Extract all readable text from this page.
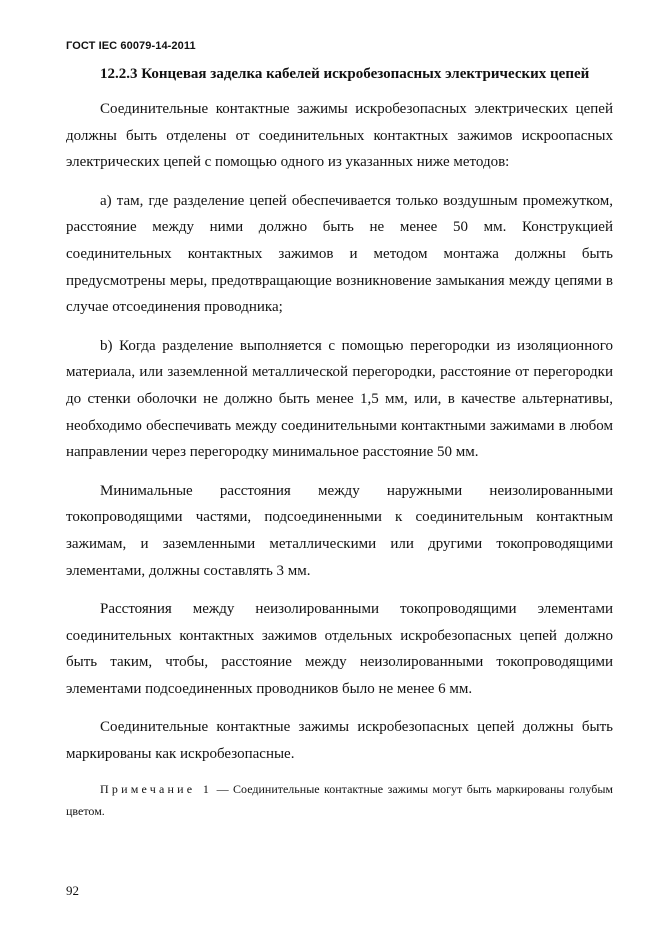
ГОСТ IEC 60079-14-2011
12.2.3 Концевая заделка кабелей искробезопасных электрических цепей

Соединительные контактные зажимы искробезопасных электрических цепей должны быть отделены от соединительных контактных зажимов искроопасных электрических цепей с помощью одного из указанных ниже методов:

а) там, где разделение цепей обеспечивается только воздушным промежутком, расстояние между ними должно быть не менее 50 мм. Конструкцией соединительных контактных зажимов и методом монтажа должны быть предусмотрены меры, предотвращающие возникновение замыкания между цепями в случае отсоединения проводника;

b) Когда разделение выполняется с помощью перегородки из изоляционного материала, или заземленной металлической перегородки, расстояние от перегородки до стенки оболочки не должно быть менее 1,5 мм, или, в качестве альтернативы, необходимо обеспечивать между соединительными контактными зажимами в любом направлении через перегородку минимальное расстояние 50 мм.

Минимальные расстояния между наружными неизолированными токопроводящими частями, подсоединенными к соединительным контактным зажимам, и заземленными металлическими или другими токопроводящими элементами, должны составлять 3 мм.

Расстояния между неизолированными токопроводящими элементами соединительных контактных зажимов отдельных искробезопасных цепей должно быть таким, чтобы, расстояние между неизолированными токопроводящими элементами подсоединенных проводников было не менее 6 мм.

Соединительные контактные зажимы искробезопасных цепей должны быть маркированы как искробезопасные.

Примечание 1 — Соединительные контактные зажимы могут быть маркированы голубым цветом.

92
